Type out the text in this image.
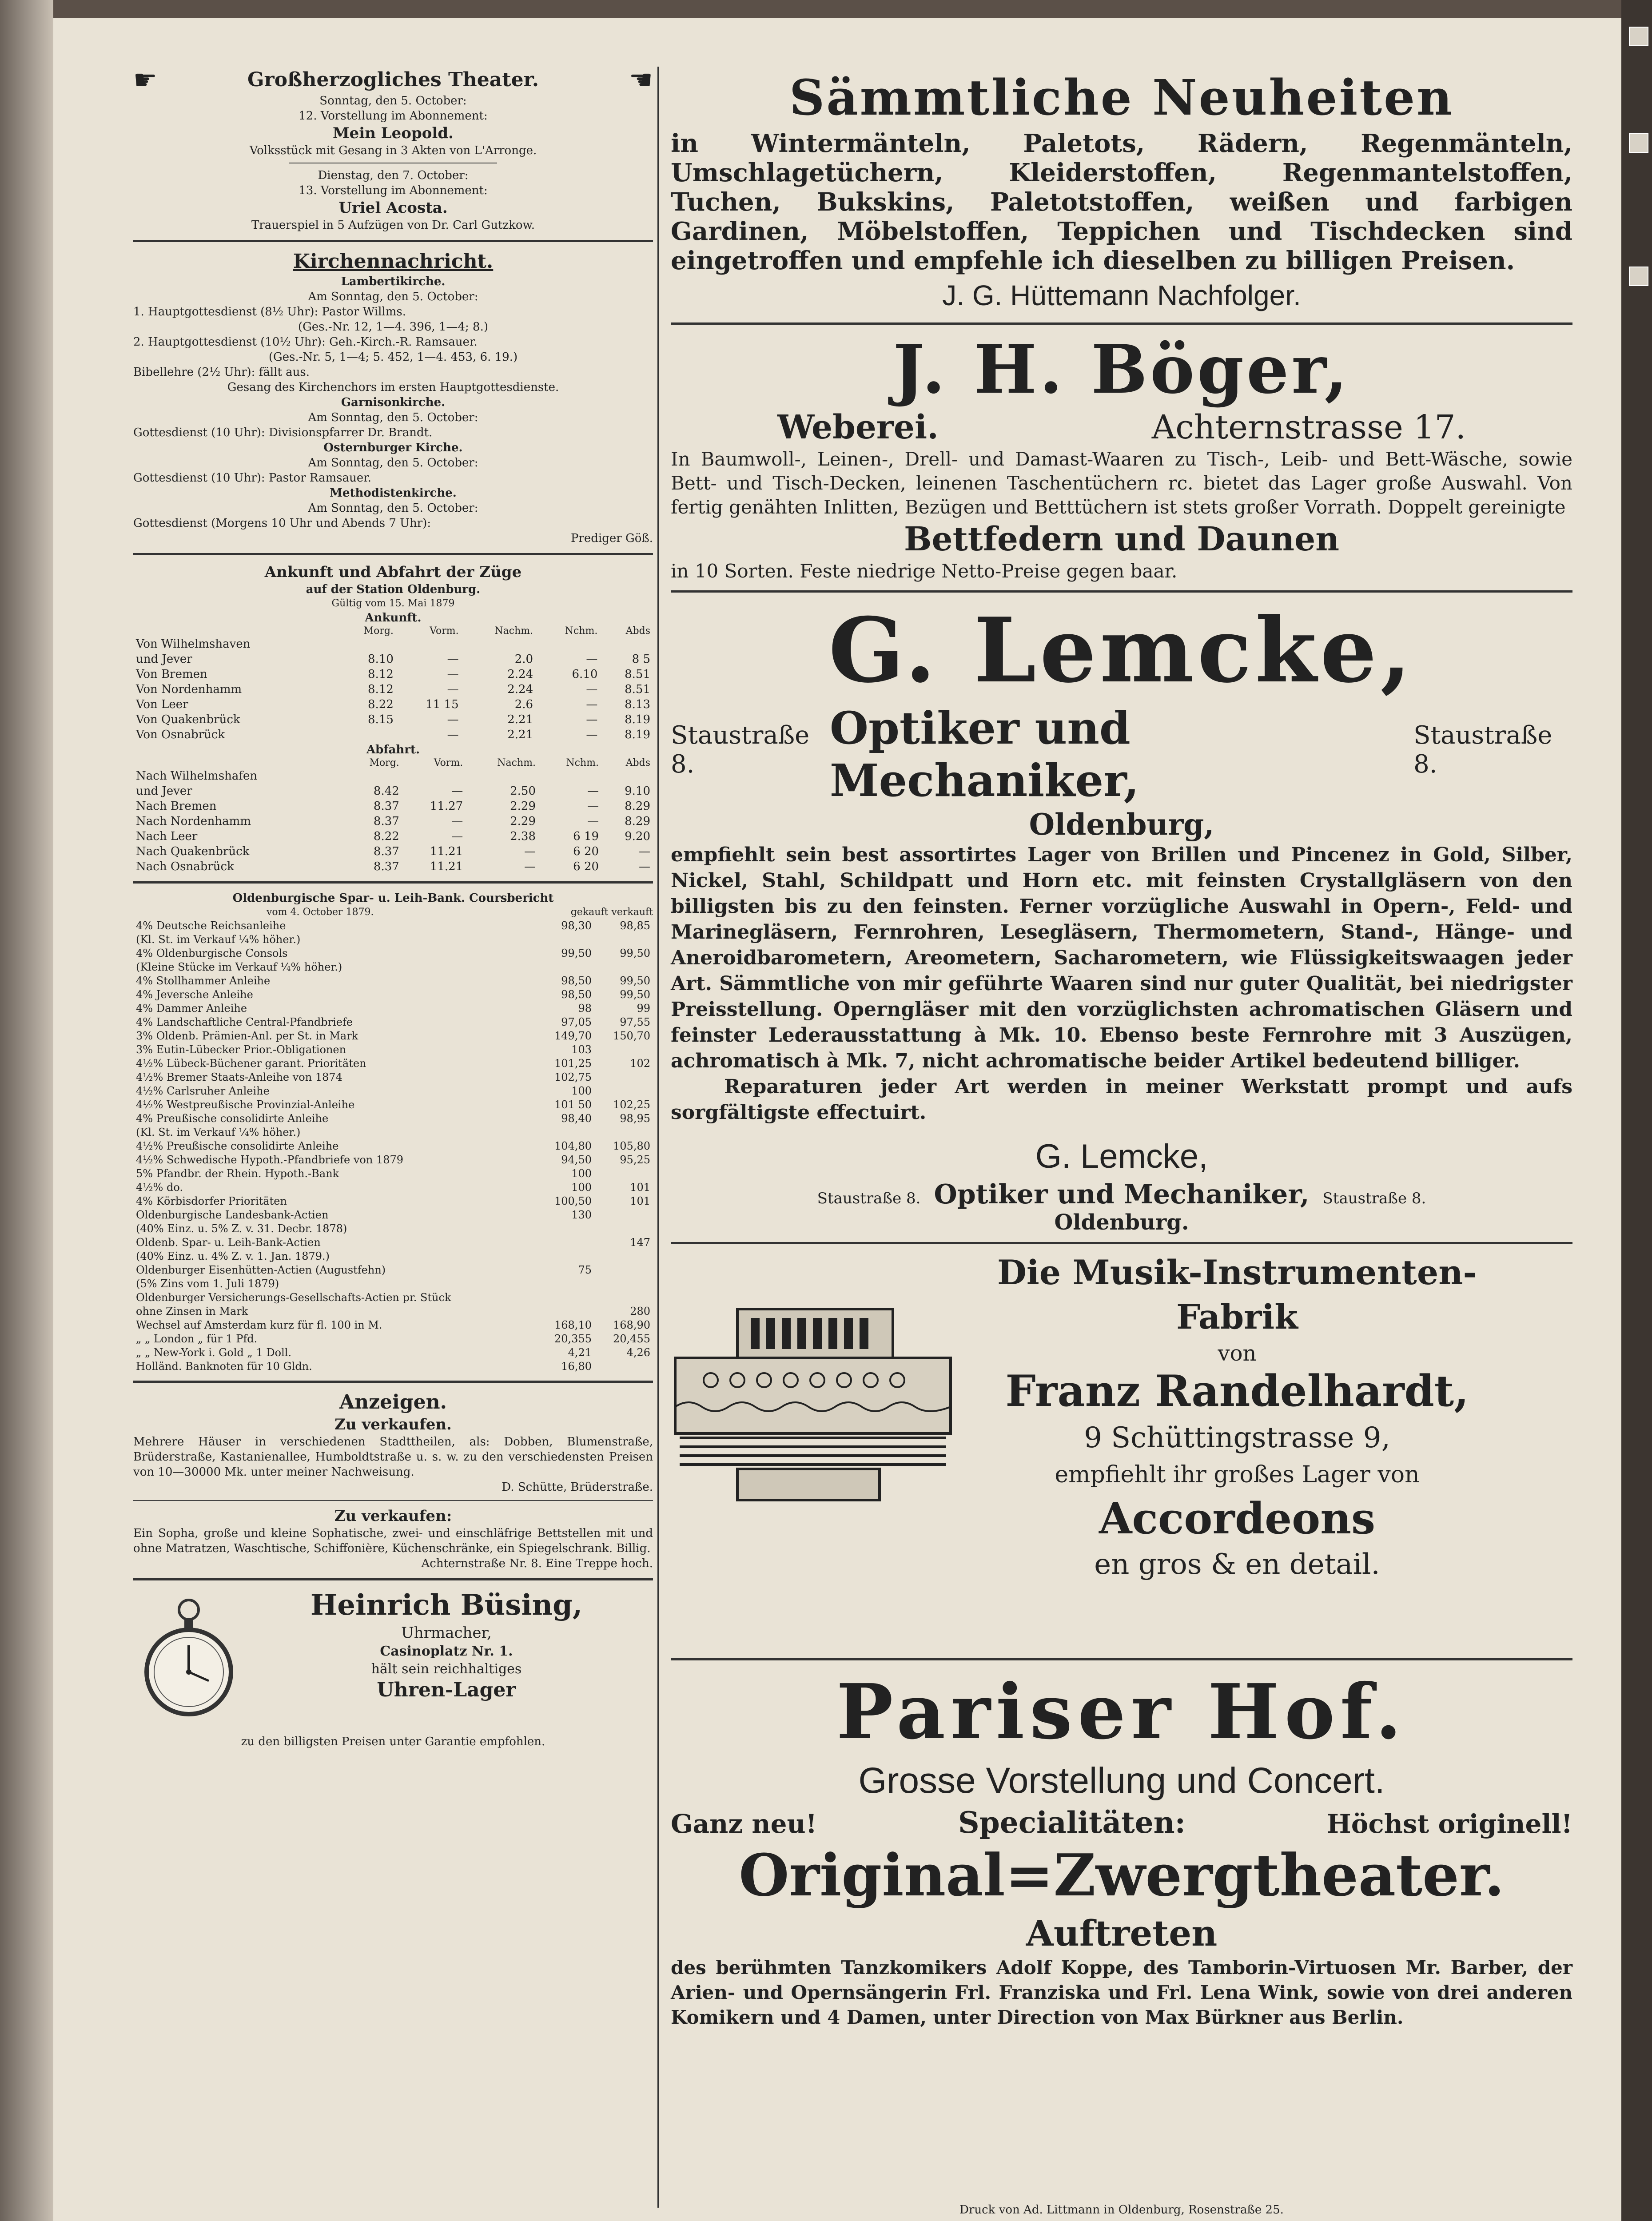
☛	Großherzogliches Theater.	☛
Sonntag, den 5. October:
12. Vorstellung im Abonnement:
Mein Leopold.
Volksstück mit Gesang in 3 Akten von L'Arronge.
Dienstag, den 7. October:
13. Vorstellung im Abonnement:
Uriel Acosta.
Trauerspiel in 5 Aufzügen von Dr. Carl Gutzkow.
Kirchennachricht.
Lambertikirche.
Am Sonntag, den 5. October:
1. Hauptgottesdienst (8½ Uhr): Pastor Willms.
(Ges.-Nr. 12, 1—4. 396, 1—4; 8.)
2. Hauptgottesdienst (10½ Uhr): Geh.-Kirch.-R. Ramsauer.
(Ges.-Nr. 5, 1—4; 5. 452, 1—4. 453, 6. 19.)
Bibellehre (2½ Uhr): fällt aus.
Gesang des Kirchenchors im ersten Hauptgottesdienste.
Garnisonkirche.
Am Sonntag, den 5. October:
Gottesdienst (10 Uhr): Divisionspfarrer Dr. Brandt.
Osternburger Kirche.
Am Sonntag, den 5. October:
Gottesdienst (10 Uhr): Pastor Ramsauer.
Methodistenkirche.
Am Sonntag, den 5. October:
Gottesdienst (Morgens 10 Uhr und Abends 7 Uhr):
Prediger Göß.
Ankunft und Abfahrt der Züge
auf der Station Oldenburg.
Gültig vom 15. Mai 1879
Ankunft.
	Morg.	Vorm.	Nachm.	Nchm.	Abds
Von Wilhelmshaven					
und Jever	8.10	—	2.0	—	8 5
Von Bremen	8.12	—	2.24	6.10	8.51
Von Nordenhamm	8.12	—	2.24	—	8.51
Von Leer	8.22	11 15	2.6	—	8.13
Von Quakenbrück	8.15	—	2.21	—	8.19
Von Osnabrück		—	2.21	—	8.19
Abfahrt.
	Morg.	Vorm.	Nachm.	Nchm.	Abds
Nach Wilhelmshafen					
und Jever	8.42	—	2.50	—	9.10
Nach Bremen	8.37	11.27	2.29	—	8.29
Nach Nordenhamm	8.37	—	2.29	—	8.29
Nach Leer	8.22	—	2.38	6 19	9.20
Nach Quakenbrück	8.37	11.21	—	6 20	—
Nach Osnabrück	8.37	11.21	—	6 20	—
Oldenburgische Spar- u. Leih-Bank. Coursbericht
vom 4. October 1879.	gekauft verkauft
4% Deutsche Reichsanleihe	98,30	98,85
(Kl. St. im Verkauf ¼% höher.)		
4% Oldenburgische Consols	99,50	99,50
(Kleine Stücke im Verkauf ¼% höher.)		
4% Stollhammer Anleihe	98,50	99,50
4% Jeversche Anleihe	98,50	99,50
4% Dammer Anleihe	98	99
4% Landschaftliche Central-Pfandbriefe	97,05	97,55
3% Oldenb. Prämien-Anl. per St. in Mark	149,70	150,70
3% Eutin-Lübecker Prior.-Obligationen	103	
4½% Lübeck-Büchener garant. Prioritäten	101,25	102
4½% Bremer Staats-Anleihe von 1874	102,75	
4½% Carlsruher Anleihe	100	
4½% Westpreußische Provinzial-Anleihe	101 50	102,25
4% Preußische consolidirte Anleihe	98,40	98,95
(Kl. St. im Verkauf ¼% höher.)		
4½% Preußische consolidirte Anleihe	104,80	105,80
4½% Schwedische Hypoth.-Pfandbriefe von 1879	94,50	95,25
5% Pfandbr. der Rhein. Hypoth.-Bank	100	
4½% do.	100	101
4% Körbisdorfer Prioritäten	100,50	101
Oldenburgische Landesbank-Actien	130	
(40% Einz. u. 5% Z. v. 31. Decbr. 1878)		
Oldenb. Spar- u. Leih-Bank-Actien		147
(40% Einz. u. 4% Z. v. 1. Jan. 1879.)		
Oldenburger Eisenhütten-Actien (Augustfehn)	75	
(5% Zins vom 1. Juli 1879)		
Oldenburger Versicherungs-Gesellschafts-Actien pr. Stück		
ohne Zinsen in Mark		280
Wechsel auf Amsterdam kurz für fl. 100 in M.	168,10	168,90
„ „ London „ für 1 Pfd.	20,355	20,455
„ „ New-York i. Gold „ 1 Doll.	4,21	4,26
Holländ. Banknoten für 10 Gldn.	16,80	
Anzeigen.
Zu verkaufen.
Mehrere Häuser in verschiedenen Stadttheilen, als: Dobben, Blumenstraße, Brüderstraße, Kastanienallee, Humboldtstraße u. s. w. zu den verschiedensten Preisen von 10—30000 Mk. unter meiner Nachweisung.
D. Schütte, Brüderstraße.
Zu verkaufen:
Ein Sopha, große und kleine Sophatische, zwei- und einschläfrige Bettstellen mit und ohne Matratzen, Waschtische, Schiffonière, Küchenschränke, ein Spiegelschrank. Billig.
Achternstraße Nr. 8. Eine Treppe hoch.
Heinrich Büsing,
Uhrmacher,
Casinoplatz Nr. 1.
hält sein reichhaltiges
Uhren-Lager
zu den billigsten Preisen unter Garantie empfohlen.
Sämmtliche Neuheiten
in Wintermänteln, Paletots, Rädern, Regenmänteln, Umschlagetüchern, Kleiderstoffen, Regenmantelstoffen, Tuchen, Bukskins, Paletotstoffen, weißen und farbigen Gardinen, Möbelstoffen, Teppichen und Tischdecken sind eingetroffen und empfehle ich dieselben zu billigen Preisen.
J. G. Hüttemann Nachfolger.
J. H. Böger,
Weberei.	Achternstrasse 17.
In Baumwoll-, Leinen-, Drell- und Damast-Waaren zu Tisch-, Leib- und Bett-Wäsche, sowie Bett- und Tisch-Decken, leinenen Taschentüchern rc. bietet das Lager große Auswahl. Von fertig genähten Inlitten, Bezügen und Betttüchern ist stets großer Vorrath. Doppelt gereinigte
Bettfedern und Daunen
in 10 Sorten. Feste niedrige Netto-Preise gegen baar.
G. Lemcke,
Staustraße 8.
Optiker und Mechaniker,
Staustraße 8.
Oldenburg,
empfiehlt sein best assortirtes Lager von Brillen und Pincenez in Gold, Silber, Nickel, Stahl, Schildpatt und Horn etc. mit feinsten Crystallgläsern von den billigsten bis zu den feinsten. Ferner vorzügliche Auswahl in Opern-, Feld- und Marinegläsern, Fernrohren, Lesegläsern, Thermometern, Stand-, Hänge- und Aneroidbarometern, Areometern, Sacharometern, wie Flüssigkeitswaagen jeder Art. Sämmtliche von mir geführte Waaren sind nur guter Qualität, bei niedrigster Preisstellung. Operngläser mit den vorzüglichsten achromatischen Gläsern und feinster Lederausstattung à Mk. 10. Ebenso beste Fernrohre mit 3 Auszügen, achromatisch à Mk. 7, nicht achromatische beider Artikel bedeutend billiger.
Reparaturen jeder Art werden in meiner Werkstatt prompt und aufs sorgfältigste effectuirt.
G. Lemcke,
Staustraße 8. Optiker und Mechaniker, Staustraße 8.
Oldenburg.
Die Musik-Instrumenten-
Fabrik
von
Franz Randelhardt,
9 Schüttingstrasse 9,
empfiehlt ihr großes Lager von
Accordeons
en gros & en detail.
Pariser Hof.
Grosse Vorstellung und Concert.
Ganz neu!	Specialitäten:	Höchst originell!
Original=Zwergtheater.
Auftreten
des berühmten Tanzkomikers Adolf Koppe, des Tamborin-Virtuosen Mr. Barber, der Arien- und Opernsängerin Frl. Franziska und Frl. Lena Wink, sowie von drei anderen Komikern und 4 Damen, unter Direction von Max Bürkner aus Berlin.
Druck von Ad. Littmann in Oldenburg, Rosenstraße 25.
